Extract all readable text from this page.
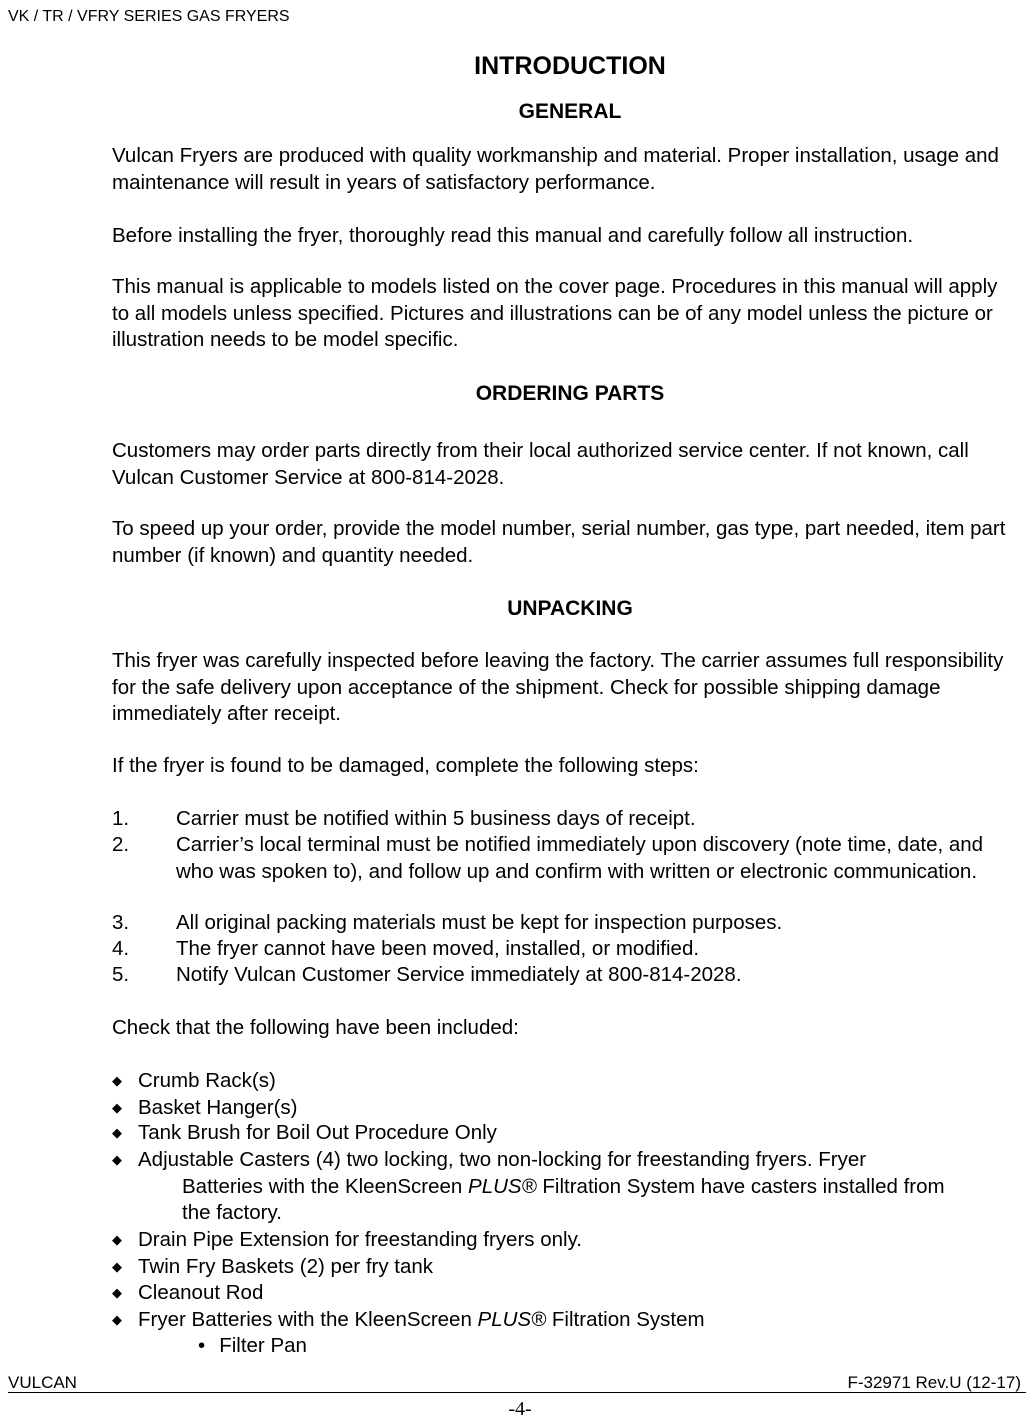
VK / TR / VFRY SERIES GAS FRYERS
INTRODUCTION
GENERAL
Vulcan Fryers are produced with quality workmanship and material. Proper installation, usage and maintenance will result in years of satisfactory performance.
Before installing the fryer, thoroughly read this manual and carefully follow all instruction.
This manual is applicable to models listed on the cover page. Procedures in this manual will apply to all models unless specified. Pictures and illustrations can be of any model unless the picture or illustration needs to be model specific.
ORDERING PARTS
Customers may order parts directly from their local authorized service center. If not known, call Vulcan Customer Service at 800-814-2028.
To speed up your order, provide the model number, serial number, gas type, part needed, item part number (if known) and quantity needed.
UNPACKING
This fryer was carefully inspected before leaving the factory. The carrier assumes full responsibility for the safe delivery upon acceptance of the shipment. Check for possible shipping damage immediately after receipt.
If the fryer is found to be damaged, complete the following steps:
1. Carrier must be notified within 5 business days of receipt.
2. Carrier’s local terminal must be notified immediately upon discovery (note time, date, and who was spoken to), and follow up and confirm with written or electronic communication.
3. All original packing materials must be kept for inspection purposes.
4. The fryer cannot have been moved, installed, or modified.
5. Notify Vulcan Customer Service immediately at 800-814-2028.
Check that the following have been included:
◆ Crumb Rack(s)
◆ Basket Hanger(s)
◆ Tank Brush for Boil Out Procedure Only
◆ Adjustable Casters (4) two locking, two non-locking for freestanding fryers. Fryer
Batteries with the KleenScreen PLUS® Filtration System have casters installed from
the factory.
◆ Drain Pipe Extension for freestanding fryers only.
◆ Twin Fry Baskets (2) per fry tank
◆ Cleanout Rod
◆ Fryer Batteries with the KleenScreen PLUS® Filtration System
• Filter Pan
VULCAN	F-32971 Rev.U (12-17)
-4-
